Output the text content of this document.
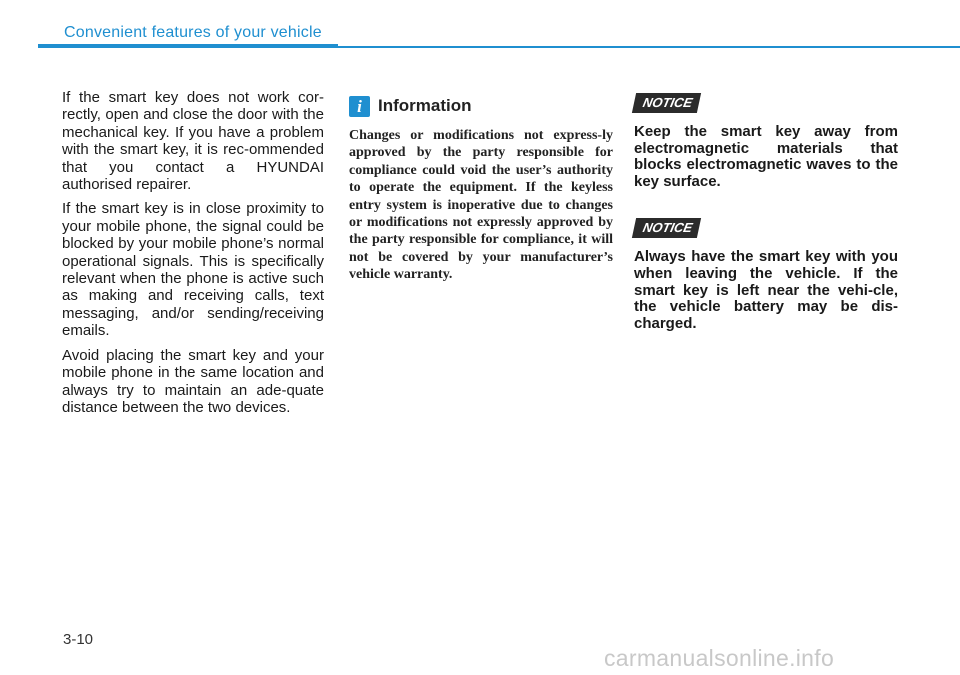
Convenient features of your vehicle

If the smart key does not work cor-rectly, open and close the door with the mechanical key. If you have a problem with the smart key, it is rec-ommended that you contact a HYUNDAI authorised repairer.

If the smart key is in close proximity to your mobile phone, the signal could be blocked by your mobile phone’s normal operational signals. This is specifically relevant when the phone is active such as making and receiving calls, text messaging, and/or sending/receiving emails.

Avoid placing the smart key and your mobile phone in the same location and always try to maintain an ade-quate distance between the two devices.

i Information

Changes or modifications not express-ly approved by the party responsible for compliance could void the user’s authority to operate the equipment. If the keyless entry system is inoperative due to changes or modifications not expressly approved by the party responsible for compliance, it will not be covered by your manufacturer’s vehicle warranty.

NOTICE

Keep the smart key away from electromagnetic materials that blocks electromagnetic waves to the key surface.

NOTICE

Always have the smart key with you when leaving the vehicle. If the smart key is left near the vehi-cle, the vehicle battery may be dis-charged.

3-10
carmanualsonline.info
